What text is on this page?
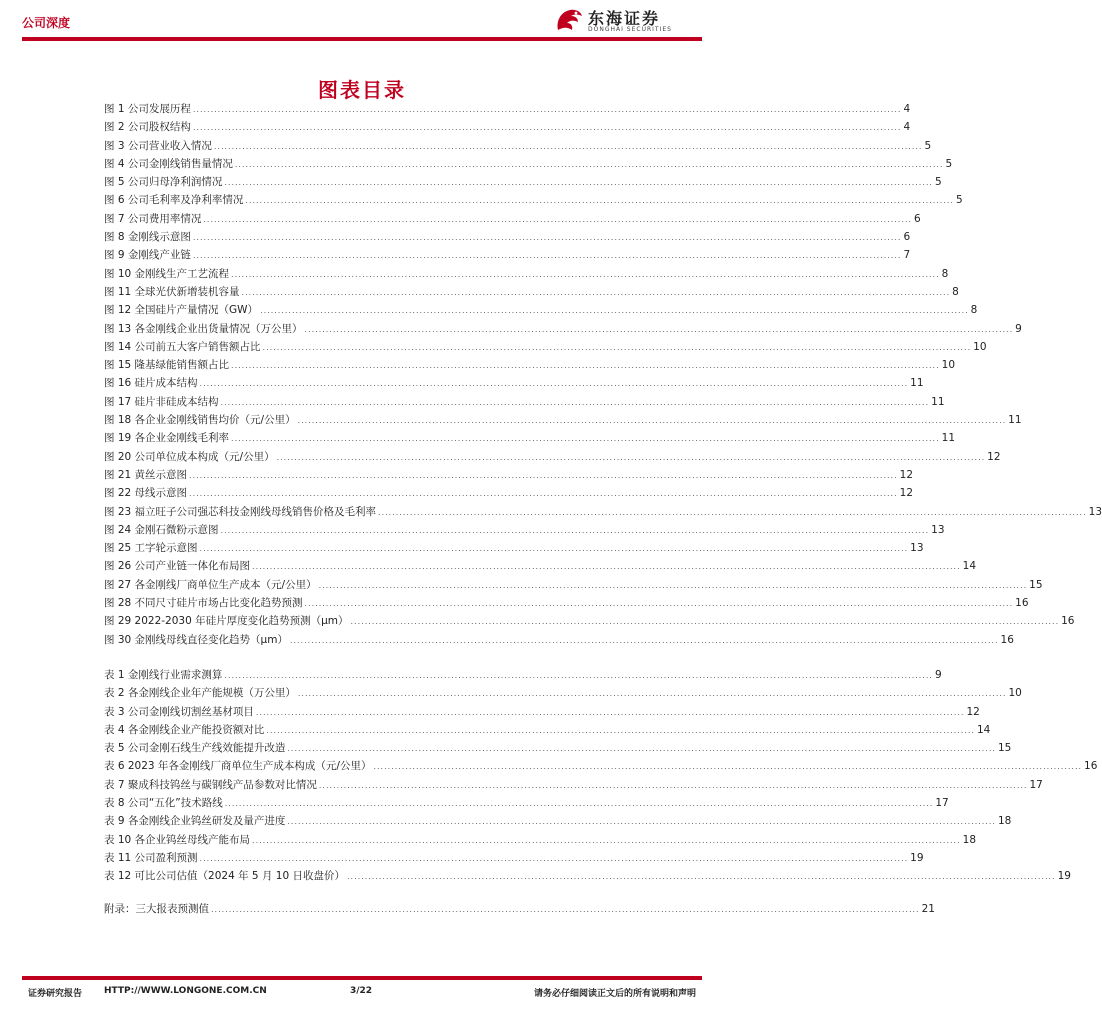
公司深度	东海证券
DONGHAI SECURITIES
图表目录
图 1 公司发展历程 ........................................................................................................................................................................................................ 4
图 2 公司股权结构 ........................................................................................................................................................................................................ 4
图 3 公司营业收入情况 ........................................................................................................................................................................................................ 5
图 4 公司金刚线销售量情况 ........................................................................................................................................................................................................ 5
图 5 公司归母净利润情况 ........................................................................................................................................................................................................ 5
图 6 公司毛利率及净利率情况 ........................................................................................................................................................................................................ 5
图 7 公司费用率情况 ........................................................................................................................................................................................................ 6
图 8 金刚线示意图 ........................................................................................................................................................................................................ 6
图 9 金刚线产业链 ........................................................................................................................................................................................................ 7
图 10 金刚线生产工艺流程 ........................................................................................................................................................................................................ 8
图 11 全球光伏新增装机容量 ........................................................................................................................................................................................................ 8
图 12 全国硅片产量情况（GW） ........................................................................................................................................................................................................ 8
图 13 各金刚线企业出货量情况（万公里） ........................................................................................................................................................................................................ 9
图 14 公司前五大客户销售额占比 ........................................................................................................................................................................................................ 10
图 15 隆基绿能销售额占比 ........................................................................................................................................................................................................ 10
图 16 硅片成本结构 ........................................................................................................................................................................................................ 11
图 17 硅片非硅成本结构 ........................................................................................................................................................................................................ 11
图 18 各企业金刚线销售均价（元/公里） ........................................................................................................................................................................................................ 11
图 19 各企业金刚线毛利率 ........................................................................................................................................................................................................ 11
图 20 公司单位成本构成（元/公里） ........................................................................................................................................................................................................ 12
图 21 黄丝示意图 ........................................................................................................................................................................................................ 12
图 22 母线示意图 ........................................................................................................................................................................................................ 12
图 23 福立旺子公司强芯科技金刚线母线销售价格及毛利率 ........................................................................................................................................................................................................ 13
图 24 金刚石微粉示意图 ........................................................................................................................................................................................................ 13
图 25 工字轮示意图 ........................................................................................................................................................................................................ 13
图 26 公司产业链一体化布局图 ........................................................................................................................................................................................................ 14
图 27 各金刚线厂商单位生产成本（元/公里） ........................................................................................................................................................................................................ 15
图 28 不同尺寸硅片市场占比变化趋势预测 ........................................................................................................................................................................................................ 16
图 29 2022-2030 年硅片厚度变化趋势预测（μm） ........................................................................................................................................................................................................ 16
图 30 金刚线母线直径变化趋势（μm） ........................................................................................................................................................................................................ 16
表 1 金刚线行业需求测算 ........................................................................................................................................................................................................ 9
表 2 各金刚线企业年产能规模（万公里） ........................................................................................................................................................................................................ 10
表 3 公司金刚线切割丝基材项目 ........................................................................................................................................................................................................ 12
表 4 各金刚线企业产能投资额对比 ........................................................................................................................................................................................................ 14
表 5 公司金刚石线生产线效能提升改造 ........................................................................................................................................................................................................ 15
表 6 2023 年各金刚线厂商单位生产成本构成（元/公里） ........................................................................................................................................................................................................ 16
表 7 聚成科技钨丝与碳钢线产品参数对比情况 ........................................................................................................................................................................................................ 17
表 8 公司“五化”技术路线 ........................................................................................................................................................................................................ 17
表 9 各金刚线企业钨丝研发及量产进度 ........................................................................................................................................................................................................ 18
表 10 各企业钨丝母线产能布局 ........................................................................................................................................................................................................ 18
表 11 公司盈利预测 ........................................................................................................................................................................................................ 19
表 12 可比公司估值（2024 年 5 月 10 日收盘价） ........................................................................................................................................................................................................ 19
附录：三大报表预测值 ........................................................................................................................................................................................................ 21
证券研究报告 HTTP://WWW.LONGONE.COM.CN	3/22	请务必仔细阅读正文后的所有说明和声明
